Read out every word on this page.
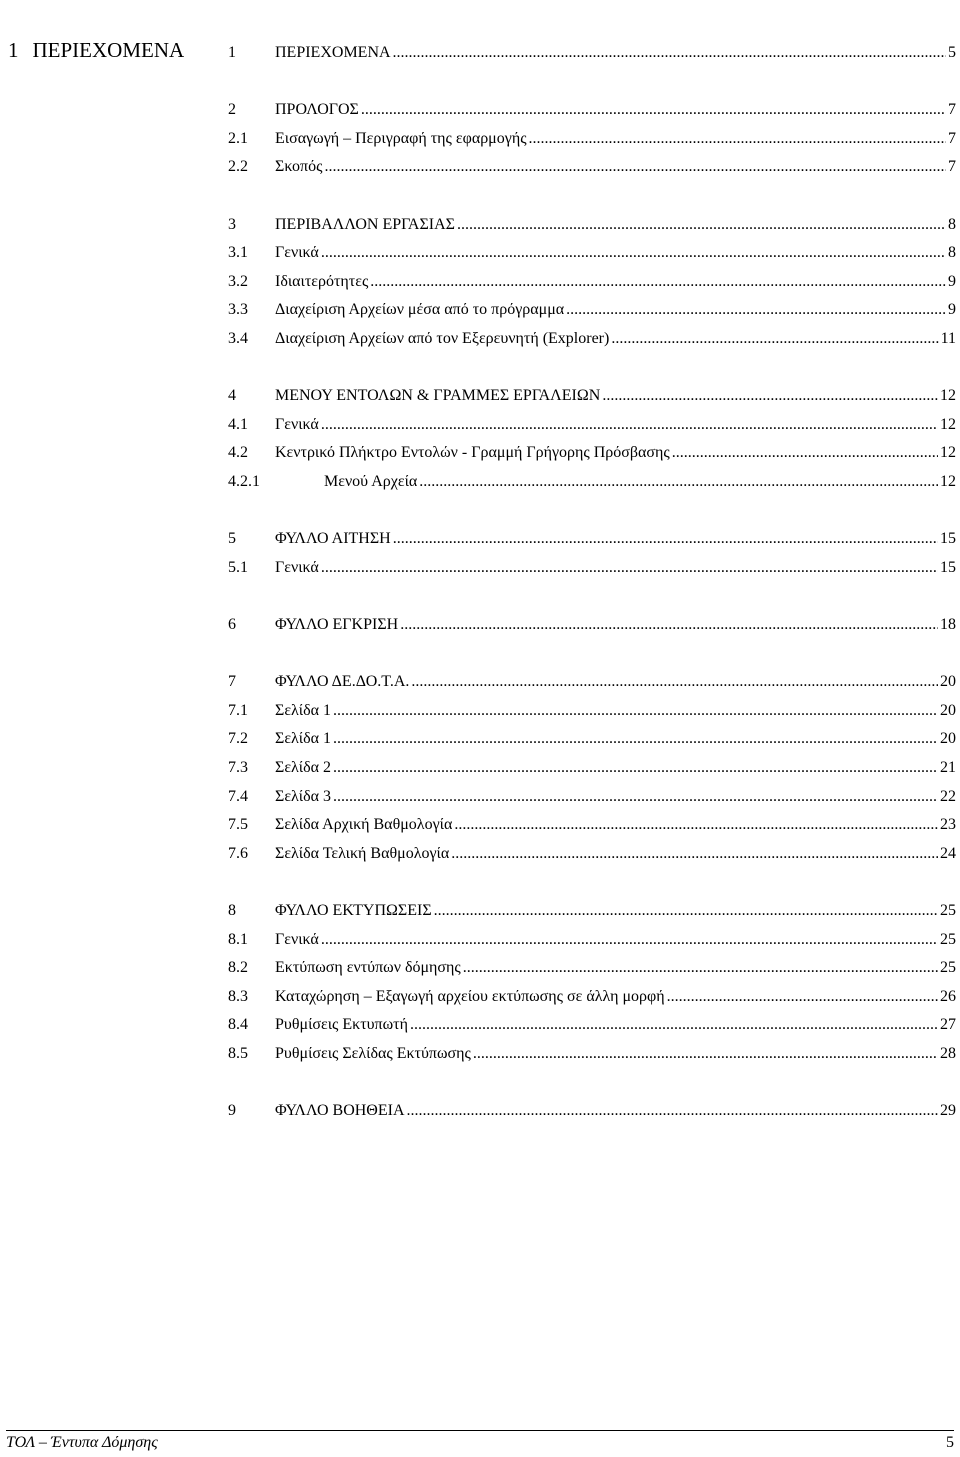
1 ΠΕΡΙΕΧΟΜΕΝΑ	1	ΠΕΡΙΕΧΟΜΕΝΑ .....	5
2	ΠΡΟΛΟΓΟΣ .....	7
2.1	Εισαγωγή – Περιγραφή της εφαρμογής .....	7
2.2	Σκοπός .....	7
3	ΠΕΡΙΒΑΛΛΟΝ ΕΡΓΑΣΙΑΣ .....	8
3.1	Γενικά .....	8
3.2	Ιδιαιτερότητες .....	9
3.3	Διαχείριση Αρχείων μέσα από το πρόγραμμα .....	9
3.4	Διαχείριση Αρχείων από τον Εξερευνητή (Explorer) .....	11
4	ΜΕΝΟΥ ΕΝΤΟΛΩΝ & ΓΡΑΜΜΕΣ ΕΡΓΑΛΕΙΩΝ .....	12
4.1	Γενικά .....	12
4.2	Κεντρικό Πλήκτρο Εντολών - Γραμμή Γρήγορης Πρόσβασης .....	12
4.2.1	Μενού Αρχεία .....	12
5	ΦΥΛΛΟ ΑΙΤΗΣΗ .....	15
5.1	Γενικά .....	15
6	ΦΥΛΛΟ ΕΓΚΡΙΣΗ .....	18
7	ΦΥΛΛΟ ΔΕ.ΔΟ.Τ.Α. .....	20
7.1	Σελίδα 1 .....	20
7.2	Σελίδα 1 .....	20
7.3	Σελίδα 2 .....	21
7.4	Σελίδα 3 .....	22
7.5	Σελίδα Αρχική Βαθμολογία .....	23
7.6	Σελίδα Τελική Βαθμολογία .....	24
8	ΦΥΛΛΟ ΕΚΤΥΠΩΣΕΙΣ .....	25
8.1	Γενικά .....	25
8.2	Εκτύπωση εντύπων δόμησης .....	25
8.3	Καταχώρηση – Εξαγωγή αρχείου εκτύπωσης σε άλλη μορφή .....	26
8.4	Ρυθμίσεις Εκτυπωτή .....	27
8.5	Ρυθμίσεις Σελίδας Εκτύπωσης .....	28
9	ΦΥΛΛΟ ΒΟΗΘΕΙΑ .....	29
ΤΟΛ – Έντυπα Δόμησης	5
